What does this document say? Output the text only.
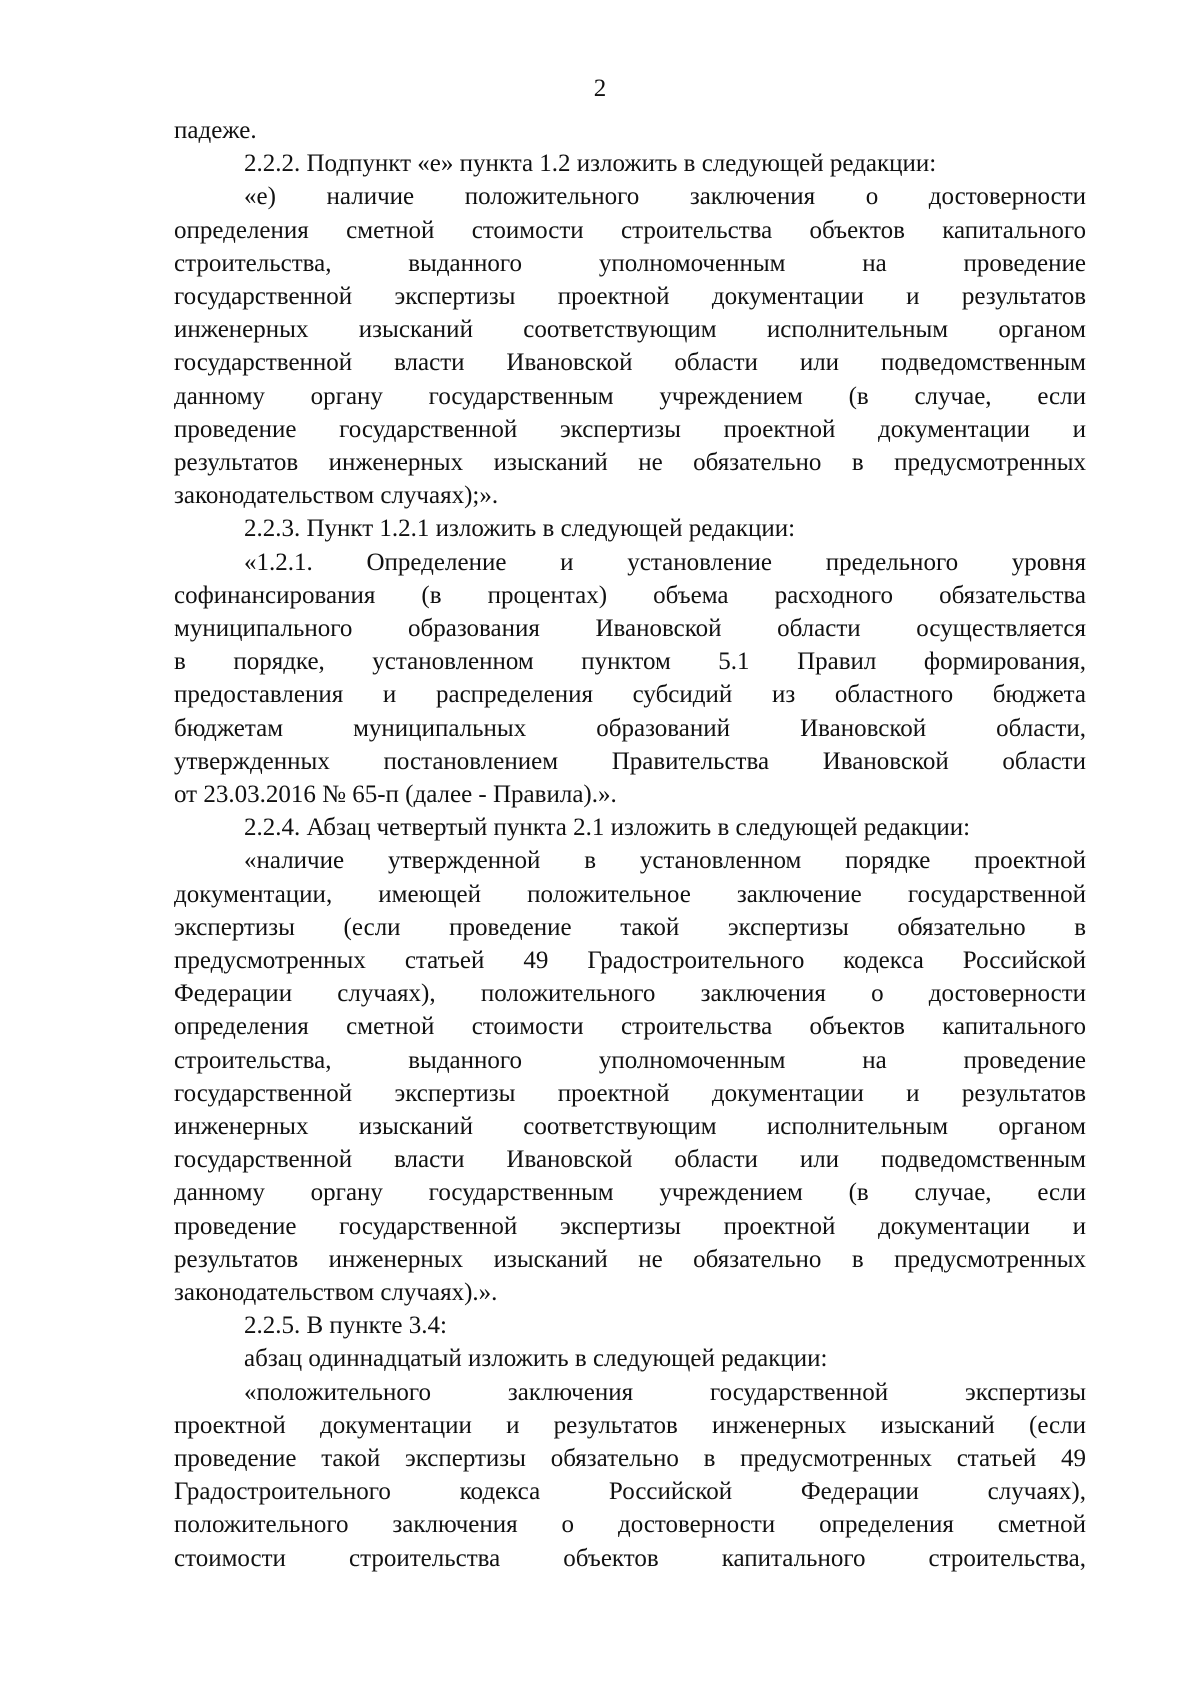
2
падеже.
2.2.2. Подпункт «е» пункта 1.2 изложить в следующей редакции:
«е) наличие положительного заключения о достоверности
определения сметной стоимости строительства объектов капитального
строительства, выданного уполномоченным на проведение
государственной экспертизы проектной документации и результатов
инженерных изысканий соответствующим исполнительным органом
государственной власти Ивановской области или подведомственным
данному органу государственным учреждением (в случае, если
проведение государственной экспертизы проектной документации и
результатов инженерных изысканий не обязательно в предусмотренных
законодательством случаях);».
2.2.3. Пункт 1.2.1 изложить в следующей редакции:
«1.2.1. Определение и установление предельного уровня
софинансирования (в процентах) объема расходного обязательства
муниципального образования Ивановской области осуществляется
в порядке, установленном пунктом 5.1 Правил формирования,
предоставления и распределения субсидий из областного бюджета
бюджетам муниципальных образований Ивановской области,
утвержденных постановлением Правительства Ивановской области
от 23.03.2016 № 65-п (далее - Правила).».
2.2.4. Абзац четвертый пункта 2.1 изложить в следующей редакции:
«наличие утвержденной в установленном порядке проектной
документации, имеющей положительное заключение государственной
экспертизы (если проведение такой экспертизы обязательно в
предусмотренных статьей 49 Градостроительного кодекса Российской
Федерации случаях), положительного заключения о достоверности
определения сметной стоимости строительства объектов капитального
строительства, выданного уполномоченным на проведение
государственной экспертизы проектной документации и результатов
инженерных изысканий соответствующим исполнительным органом
государственной власти Ивановской области или подведомственным
данному органу государственным учреждением (в случае, если
проведение государственной экспертизы проектной документации и
результатов инженерных изысканий не обязательно в предусмотренных
законодательством случаях).».
2.2.5. В пункте 3.4:
абзац одиннадцатый изложить в следующей редакции:
«положительного заключения государственной экспертизы
проектной документации и результатов инженерных изысканий (если
проведение такой экспертизы обязательно в предусмотренных статьей 49
Градостроительного кодекса Российской Федерации случаях),
положительного заключения о достоверности определения сметной
стоимости строительства объектов капитального строительства,
